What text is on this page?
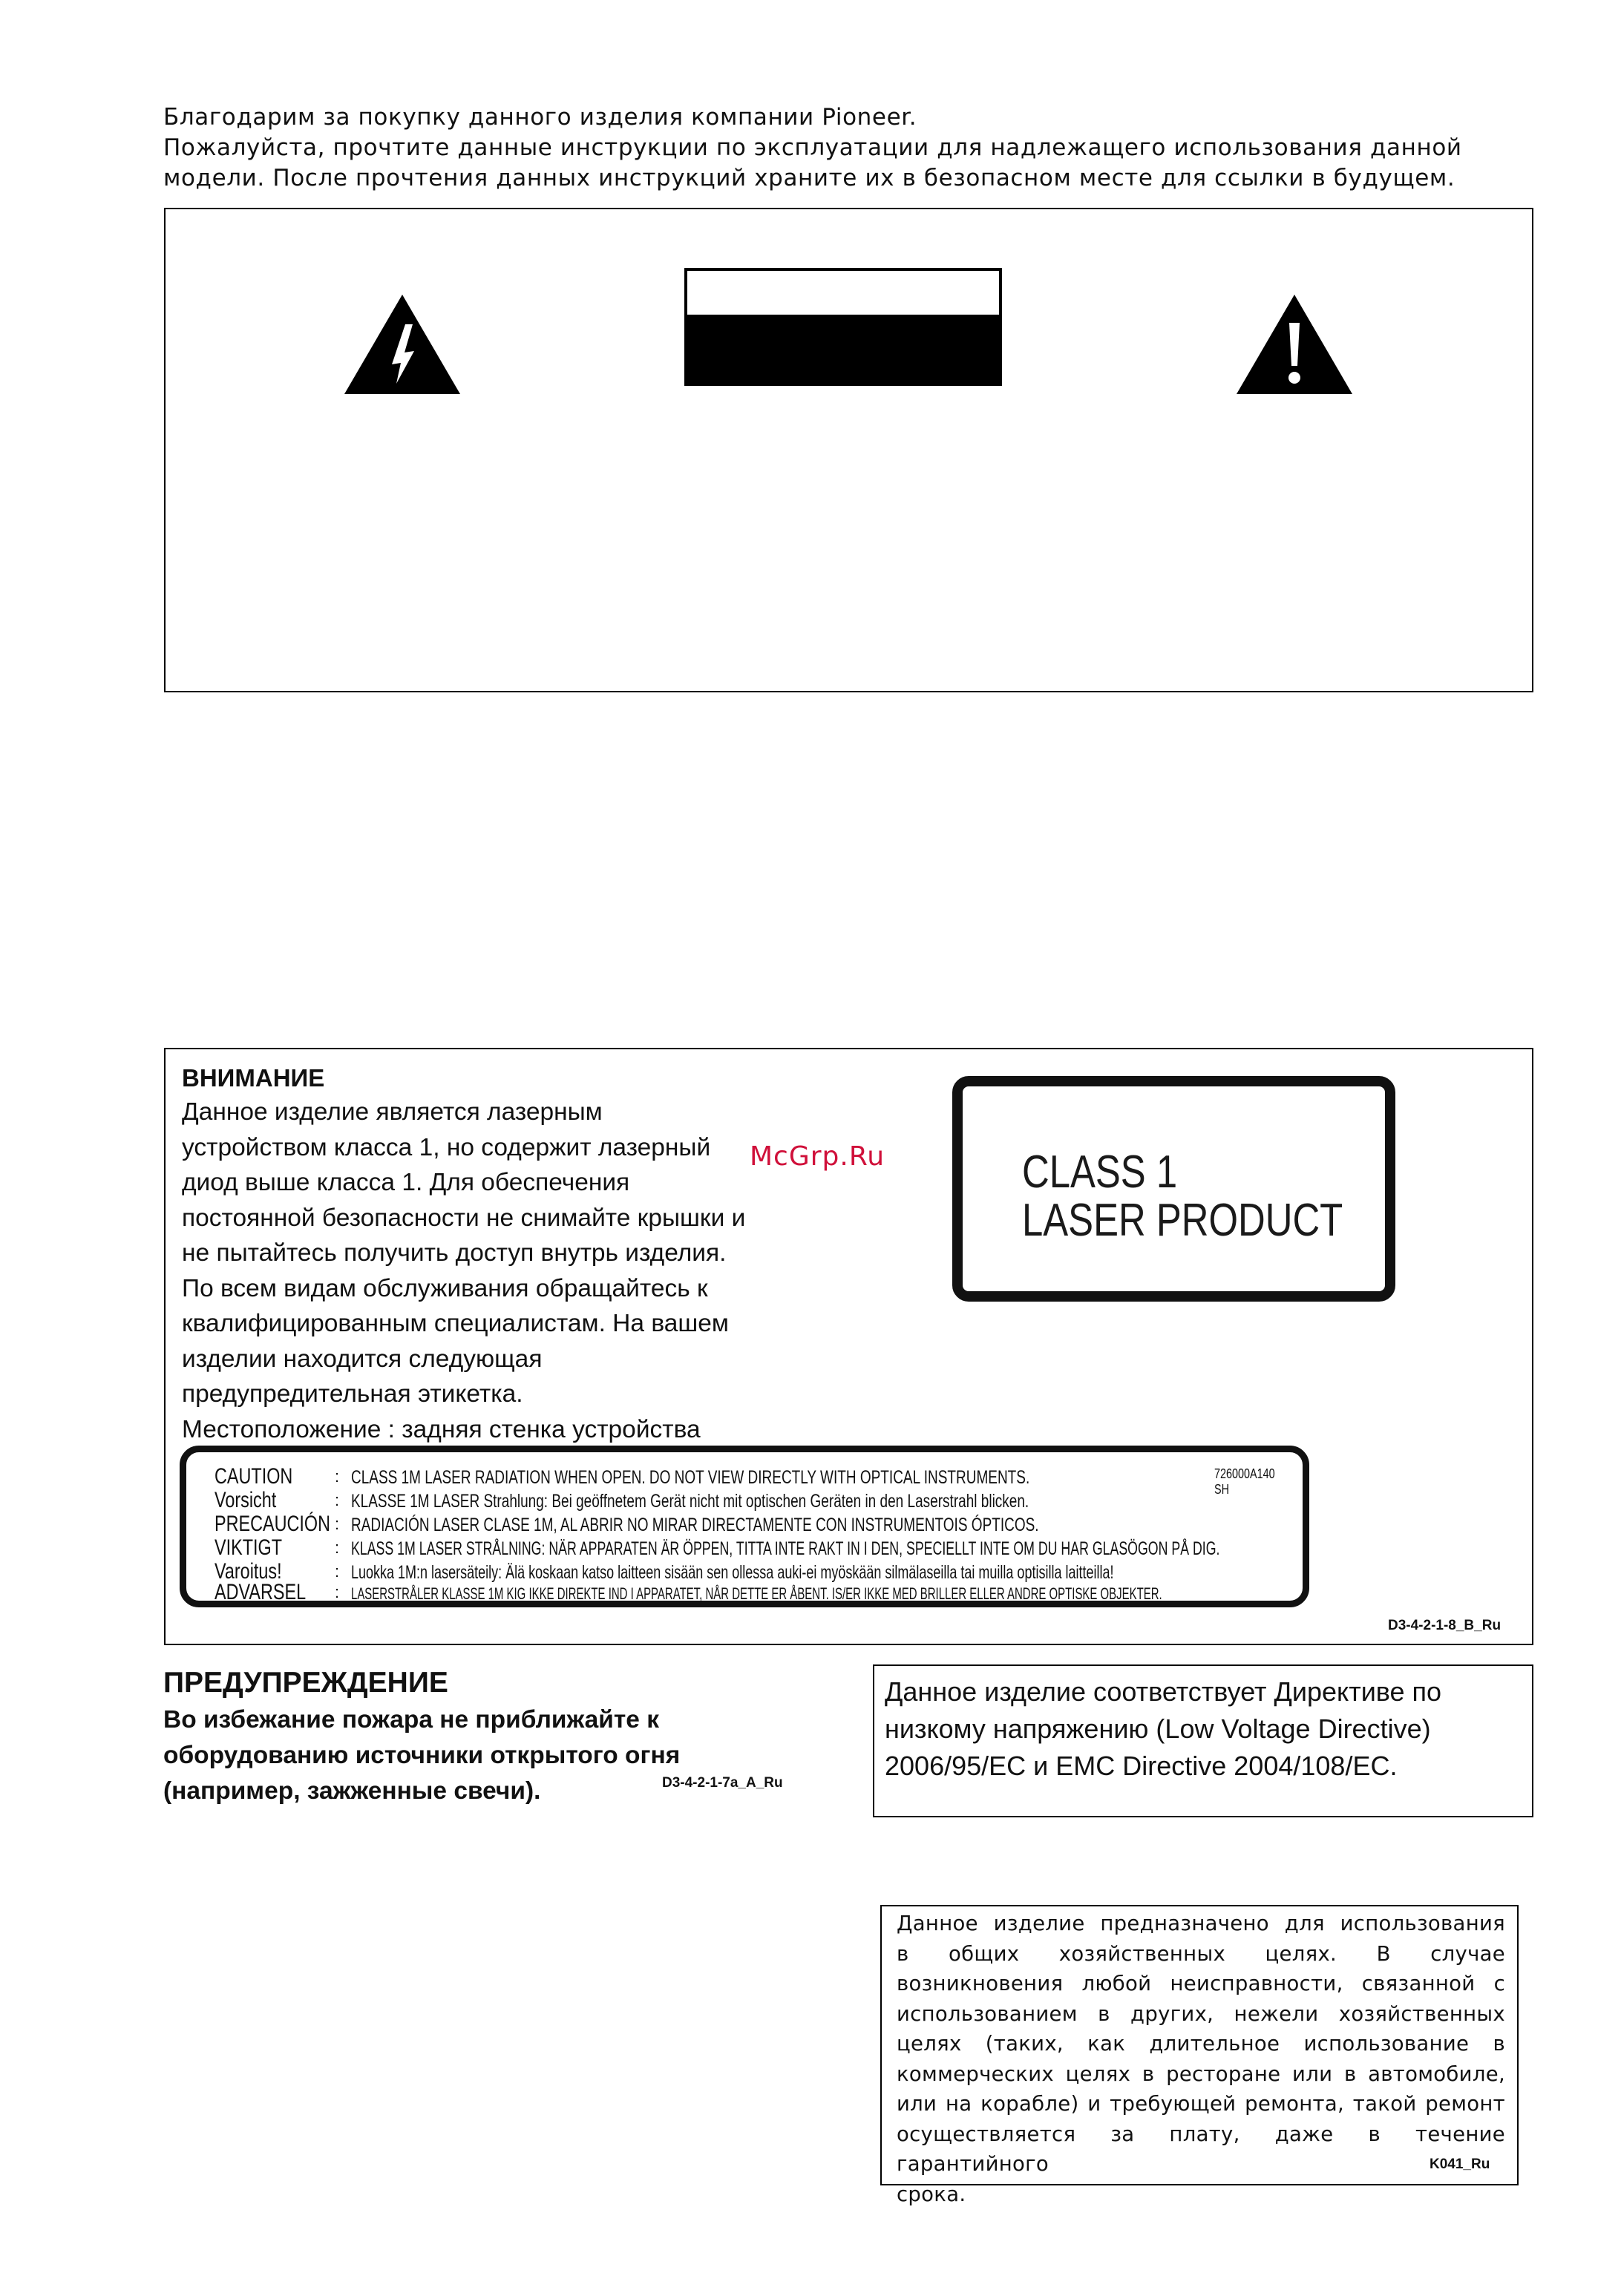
Благодарим за покупку данного изделия компании Pioneer.
Пожалуйста, прочтите данные инструкции по эксплуатации для надлежащего использования данной
модели. После прочтения данных инструкций храните их в безопасном месте для ссылки в будущем.
ВНИМАНИЕ
Данное изделие является лазерным
устройством класса 1, но содержит лазерный
диод выше класса 1. Для обеспечения
постоянной безопасности не снимайте крышки и
не пытайтесь получить доступ внутрь изделия.
По всем видам обслуживания обращайтесь к
квалифицированным специалистам. На вашем
изделии находится следующая
предупредительная этикетка.
Местоположение : задняя стенка устройства
McGrp.Ru	CLASS 1
LASER PRODUCT
726000A140 SH
CAUTION	: CLASS 1M LASER RADIATION WHEN OPEN. DO NOT VIEW DIRECTLY WITH OPTICAL INSTRUMENTS.
Vorsicht	: KLASSE 1M LASER Strahlung: Bei geöffnetem Gerät nicht mit optischen Geräten in den Laserstrahl blicken.
PRECAUCIÓN : RADIACIÓN LASER CLASE 1M, AL ABRIR NO MIRAR DIRECTAMENTE CON INSTRUMENTOIS ÓPTICOS.
VIKTIGT	: KLASS 1M LASER STRÅLNING: NÄR APPARATEN ÄR ÖPPEN, TITTA INTE RAKT IN I DEN, SPECIELLT INTE OM DU HAR GLASÖGON PÅ DIG.
Varoitus!	: Luokka 1M:n lasersäteily: Älä koskaan katso laitteen sisään sen ollessa auki-ei myöskään silmälaseilla tai muilla optisilla laitteilla!
ADVARSEL : LASERSTRÅLER KLASSE 1M KIG IKKE DIREKTE IND I APPARATET, NÅR DETTE ER ÅBENT. IS/ER IKKE MED BRILLER ELLER ANDRE OPTISKE OBJEKTER.
D3-4-2-1-8_B_Ru
ПРЕДУПРЕЖДЕНИЕ
Во избежание пожара не приближайте к
оборудованию источники открытого огня
(например, зажженные свечи).	D3-4-2-1-7a_A_Ru
Данное изделие соответствует Директиве по
низкому напряжению (Low Voltage Directive)
2006/95/EC и EMC Directive 2004/108/EC.
Данное изделие предназначено для использования
в общих хозяйственных целях. В случае
возникновения любой неисправности, связанной с
использованием в других, нежели хозяйственных
целях (таких, как длительное использование в
коммерческих целях в ресторане или в автомобиле,
или на корабле) и требующей ремонта, такой ремонт
осуществляется за плату, даже в течение гарантийного
срока.
K041_Ru
